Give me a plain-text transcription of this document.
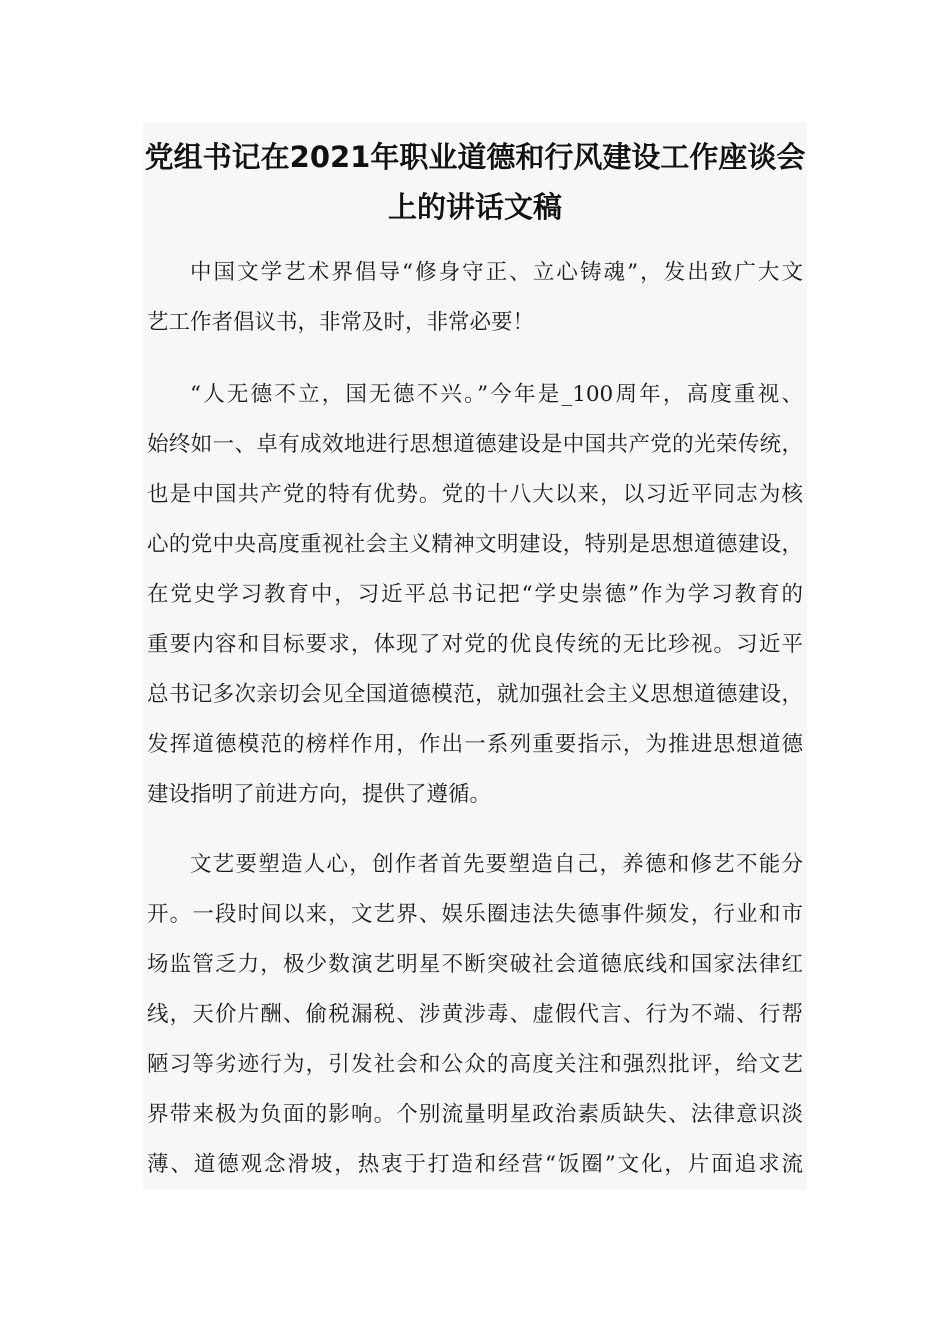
党组书记在2021年职业道德和行风建设工作座谈会
上的讲话文稿
中国文学艺术界倡导“修身守正、立心铸魂”，发出致广大文
艺工作者倡议书，非常及时，非常必要！
“人无德不立，国无德不兴。”今年是_100周年，高度重视、
始终如一、卓有成效地进行思想道德建设是中国共产党的光荣传统，
也是中国共产党的特有优势。党的十八大以来，以习近平同志为核
心的党中央高度重视社会主义精神文明建设，特别是思想道德建设，
在党史学习教育中，习近平总书记把“学史崇德”作为学习教育的
重要内容和目标要求，体现了对党的优良传统的无比珍视。习近平
总书记多次亲切会见全国道德模范，就加强社会主义思想道德建设，
发挥道德模范的榜样作用，作出一系列重要指示，为推进思想道德
建设指明了前进方向，提供了遵循。
文艺要塑造人心，创作者首先要塑造自己，养德和修艺不能分
开。一段时间以来，文艺界、娱乐圈违法失德事件频发，行业和市
场监管乏力，极少数演艺明星不断突破社会道德底线和国家法律红
线，天价片酬、偷税漏税、涉黄涉毒、虚假代言、行为不端、行帮
陋习等劣迹行为，引发社会和公众的高度关注和强烈批评，给文艺
界带来极为负面的影响。个别流量明星政治素质缺失、法律意识淡
薄、道德观念滑坡，热衷于打造和经营“饭圈”文化，片面追求流
